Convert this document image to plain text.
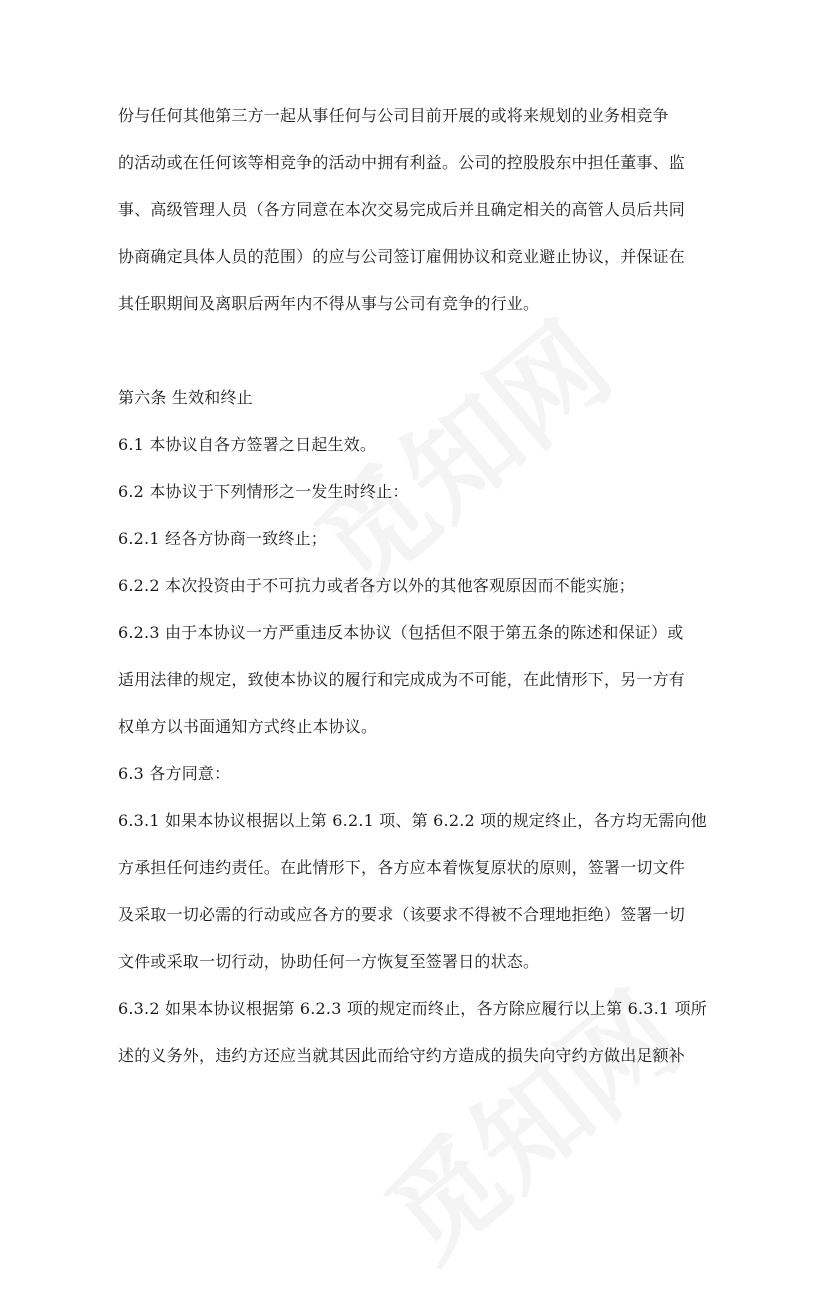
份与任何其他第三方一起从事任何与公司目前开展的或将来规划的业务相竞争
的活动或在任何该等相竞争的活动中拥有利益。公司的控股股东中担任董事、监
事、高级管理人员（各方同意在本次交易完成后并且确定相关的高管人员后共同
协商确定具体人员的范围）的应与公司签订雇佣协议和竞业避止协议，并保证在
其任职期间及离职后两年内不得从事与公司有竞争的行业。
第六条 生效和终止
6.1 本协议自各方签署之日起生效。
6.2 本协议于下列情形之一发生时终止：
6.2.1 经各方协商一致终止；
6.2.2 本次投资由于不可抗力或者各方以外的其他客观原因而不能实施；
6.2.3 由于本协议一方严重违反本协议（包括但不限于第五条的陈述和保证）或
适用法律的规定，致使本协议的履行和完成成为不可能，在此情形下，另一方有
权单方以书面通知方式终止本协议。
6.3 各方同意：
6.3.1 如果本协议根据以上第 6.2.1 项、第 6.2.2 项的规定终止，各方均无需向他
方承担任何违约责任。在此情形下，各方应本着恢复原状的原则，签署一切文件
及采取一切必需的行动或应各方的要求（该要求不得被不合理地拒绝）签署一切
文件或采取一切行动，协助任何一方恢复至签署日的状态。
6.3.2 如果本协议根据第 6.2.3 项的规定而终止，各方除应履行以上第 6.3.1 项所
述的义务外，违约方还应当就其因此而给守约方造成的损失向守约方做出足额补
